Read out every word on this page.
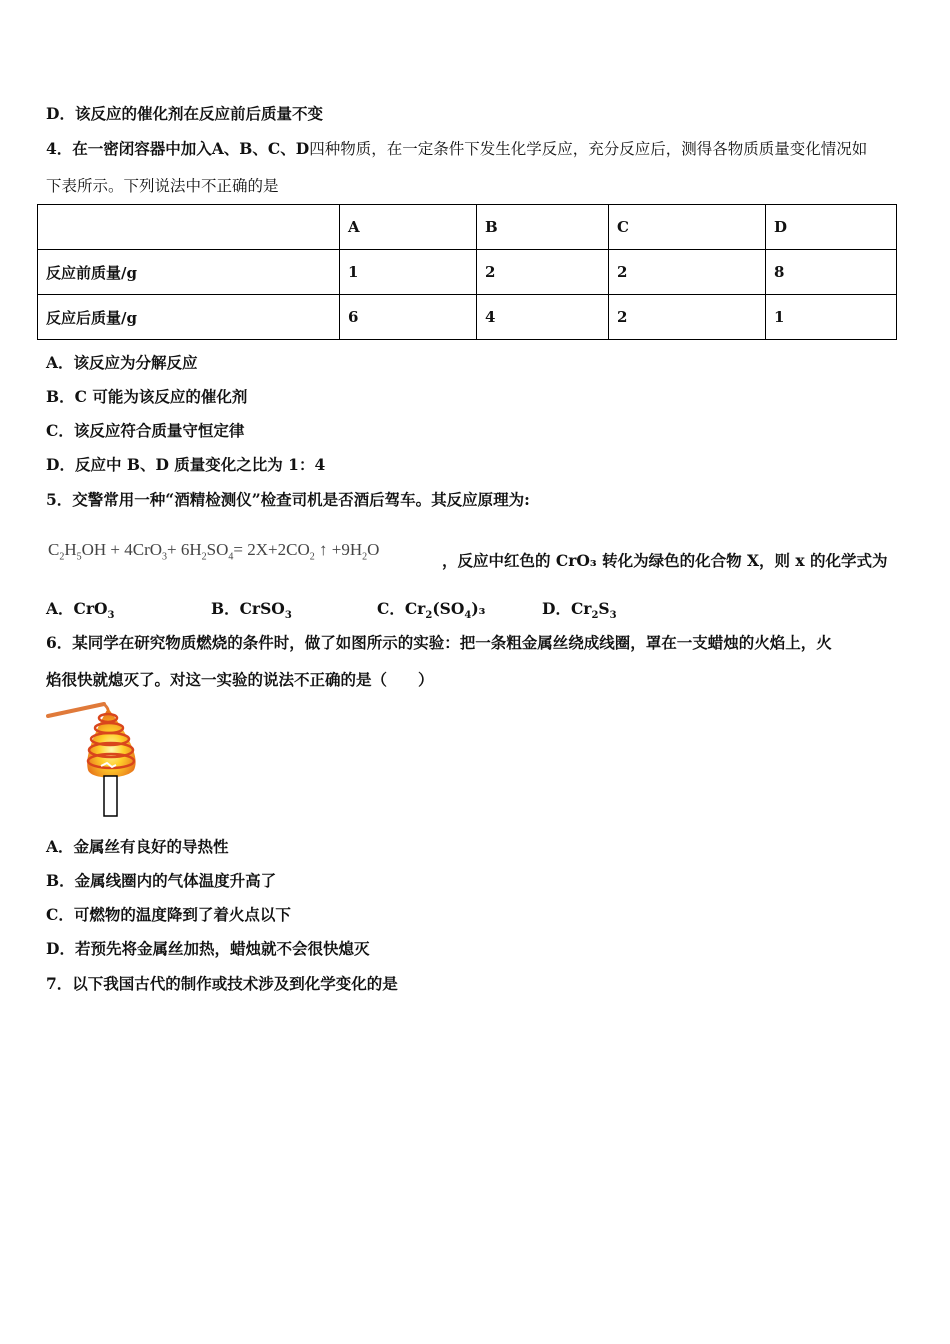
D．该反应的催化剂在反应前后质量不变
4．在一密闭容器中加入A、B、C、D四种物质，在一定条件下发生化学反应，充分反应后，测得各物质质量变化情况如
下表所示。下列说法中不正确的是
	A	B	C	D
反应前质量/g	1	2	2	8
反应后质量/g	6	4	2	1
A．该反应为分解反应
B．C 可能为该反应的催化剂
C．该反应符合质量守恒定律
D．反应中 B、D 质量变化之比为 1：4
5．交警常用一种“酒精检测仪”检查司机是否酒后驾车。其反应原理为:
$C_2H_5OH + 4CrO_3+ 6H_2SO_4= 2X+2CO_2$ ↑ $+9H_2O$
，反应中红色的 CrO₃ 转化为绿色的化合物 X，则 x 的化学式为
A．CrO$_3$	B．CrSO$_3$	C．$Cr_2(SO_4)_3$	D．$Cr_2S_3$
6．某同学在研究物质燃烧的条件时，做了如图所示的实验：把一条粗金属丝绕成线圈，罩在一支蜡烛的火焰上，火
焰很快就熄灭了。对这一实验的说法不正确的是（　　）
A．金属丝有良好的导热性
B．金属线圈内的气体温度升高了
C．可燃物的温度降到了着火点以下
D．若预先将金属丝加热，蜡烛就不会很快熄灭
7．以下我国古代的制作或技术涉及到化学变化的是
